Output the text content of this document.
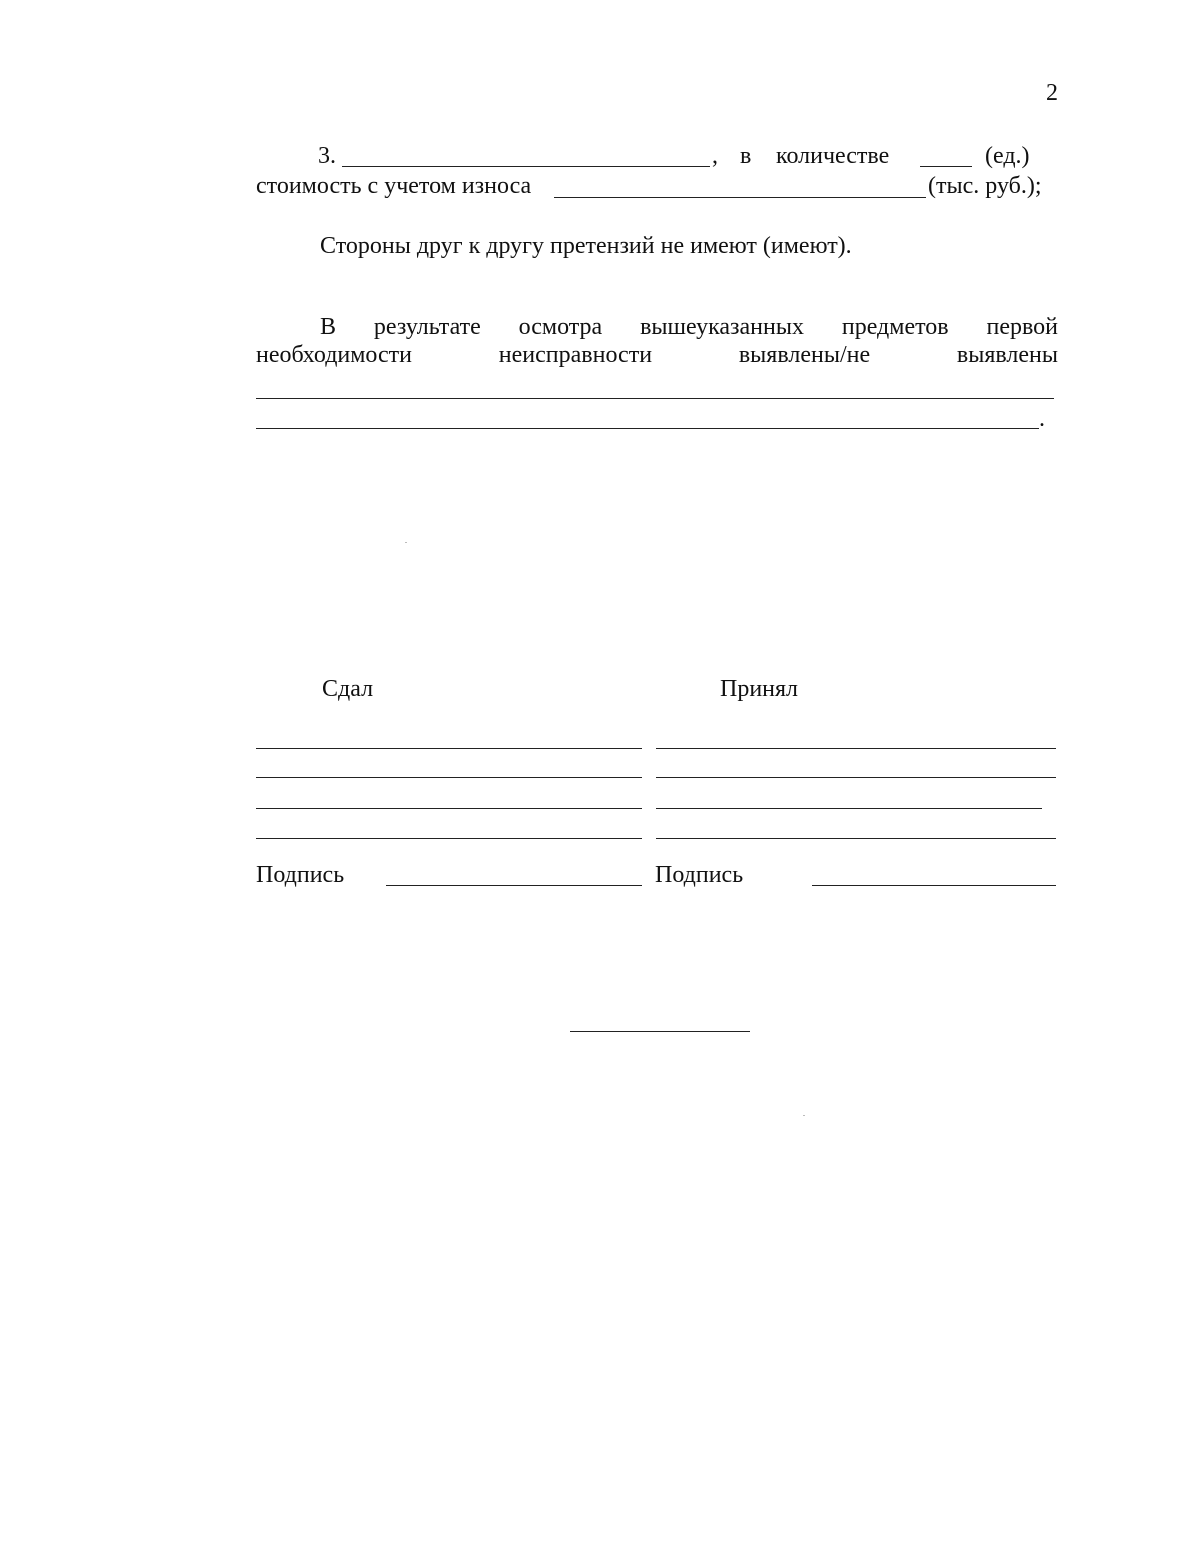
2
3.	, в количестве	(ед.)
стоимость с учетом износа	(тыс. руб.);
Стороны друг к другу претензий не имеют (имеют).
В результате осмотра вышеуказанных предметов первой
необходимости	неисправности	выявлены/не	выявлены
.
Сдал	Принял
Подпись	Подпись
